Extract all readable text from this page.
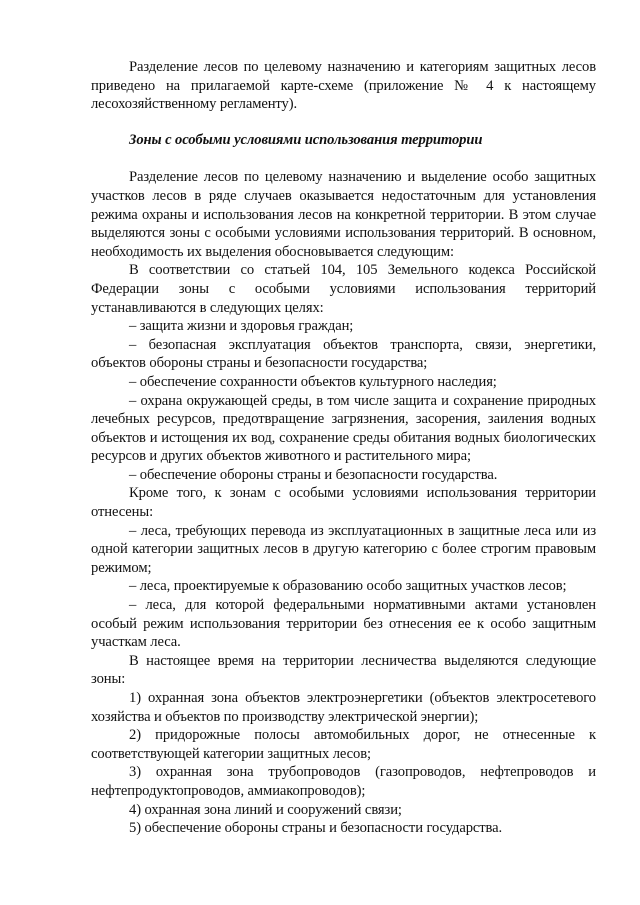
Разделение лесов по целевому назначению и категориям защитных лесов приведено на прилагаемой карте-схеме (приложение № 4 к настоящему лесохозяйственному регламенту).

Зоны с особыми условиями использования территории

Разделение лесов по целевому назначению и выделение особо защитных участков лесов в ряде случаев оказывается недостаточным для установления режима охраны и использования лесов на конкретной территории. В этом случае выделяются зоны с особыми условиями использования территорий. В основном, необходимость их выделения обосновывается следующим:

В соответствии со статьей 104, 105 Земельного кодекса Российской Федерации зоны с особыми условиями использования территорий устанавливаются в следующих целях:

– защита жизни и здоровья граждан;

– безопасная эксплуатация объектов транспорта, связи, энергетики, объектов обороны страны и безопасности государства;

– обеспечение сохранности объектов культурного наследия;

– охрана окружающей среды, в том числе защита и сохранение природных лечебных ресурсов, предотвращение загрязнения, засорения, заиления водных объектов и истощения их вод, сохранение среды обитания водных биологических ресурсов и других объектов животного и растительного мира;

– обеспечение обороны страны и безопасности государства.

Кроме того, к зонам с особыми условиями использования территории отнесены:

– леса, требующих перевода из эксплуатационных в защитные леса или из одной категории защитных лесов в другую категорию с более строгим правовым режимом;

– леса, проектируемые к образованию особо защитных участков лесов;

– леса, для которой федеральными нормативными актами установлен особый режим использования территории без отнесения ее к особо защитным участкам леса.

В настоящее время на территории лесничества выделяются следующие зоны:

1) охранная зона объектов электроэнергетики (объектов электросетевого хозяйства и объектов по производству электрической энергии);

2) придорожные полосы автомобильных дорог, не отнесенные к соответствующей категории защитных лесов;

3) охранная зона трубопроводов (газопроводов, нефтепроводов и нефтепродуктопроводов, аммиакопроводов);

4) охранная зона линий и сооружений связи;

5) обеспечение обороны страны и безопасности государства.
